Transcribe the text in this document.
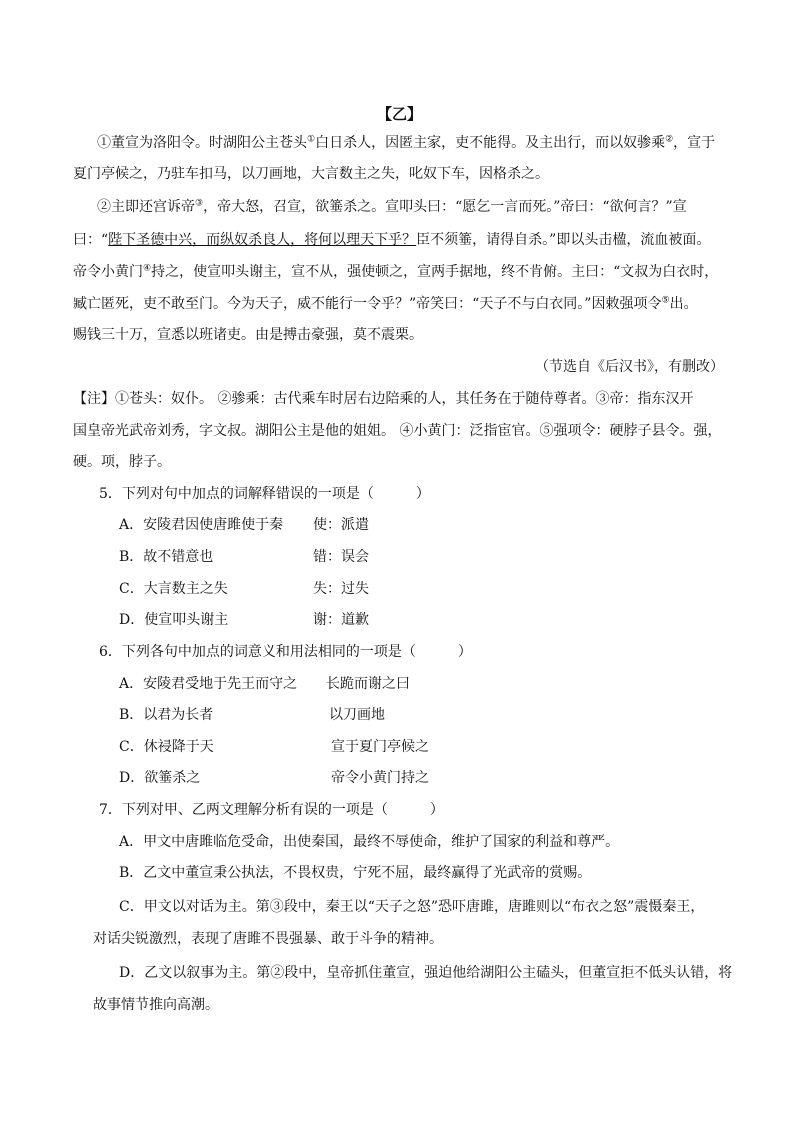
【乙】
①董宣为洛阳令。时湖阳公主苍头①白日杀人，因匿主家，吏不能得。及主出行，而以奴骖乘②，宣于
夏门亭候之，乃驻车扣马，以刀画地，大言数主之失，叱奴下车，因格杀之。
②主即还宫诉帝③，帝大怒，召宣，欲箠杀之。宣叩头曰：“愿乞一言而死。”帝曰：“欲何言？”宣
曰：“陛下圣德中兴，而纵奴杀良人，将何以理天下乎？臣不须箠，请得自杀。”即以头击楹，流血被面。
帝令小黄门④持之，使宣叩头谢主，宣不从，强使顿之，宣两手据地，终不肯俯。主曰：“文叔为白衣时，
臧亡匿死，吏不敢至门。今为天子，威不能行一令乎？”帝笑曰：“天子不与白衣同。”因敕强项令⑤出。
赐钱三十万，宣悉以班诸吏。由是搏击豪强，莫不震栗。
（节选自《后汉书》，有删改）
【注】①苍头：奴仆。 ②骖乘：古代乘车时居右边陪乘的人，其任务在于随侍尊者。③帝：指东汉开
国皇帝光武帝刘秀，字文叔。湖阳公主是他的姐姐。 ④小黄门：泛指宦官。⑤强项令：硬脖子县令。强，
硬。项，脖子。
5．下列对句中加点的词解释错误的一项是（　　　）
A．安陵君因使唐雎使于秦 使：派遣
B．故不错意也	错：误会
C．大言数主之失	失：过失
D．使宣叩头谢主	谢：道歉
6．下列各句中加点的词意义和用法相同的一项是（　　　）
A．安陵君受地于先王而守之 长跪而谢之曰
B．以君为长者	以刀画地
C．休祲降于天	宣于夏门亭候之
D．欲箠杀之	帝令小黄门持之
7．下列对甲、乙两文理解分析有误的一项是（　　　）
A．甲文中唐雎临危受命，出使秦国，最终不辱使命，维护了国家的利益和尊严。
B．乙文中董宣秉公执法，不畏权贵，宁死不屈，最终赢得了光武帝的赏赐。
C．甲文以对话为主。第③段中，秦王以“天子之怒”恐吓唐雎，唐雎则以“布衣之怒”震慑秦王，
对话尖锐激烈，表现了唐雎不畏强暴、敢于斗争的精神。
D．乙文以叙事为主。第②段中，皇帝抓住董宣，强迫他给湖阳公主磕头，但董宣拒不低头认错，将
故事情节推向高潮。
